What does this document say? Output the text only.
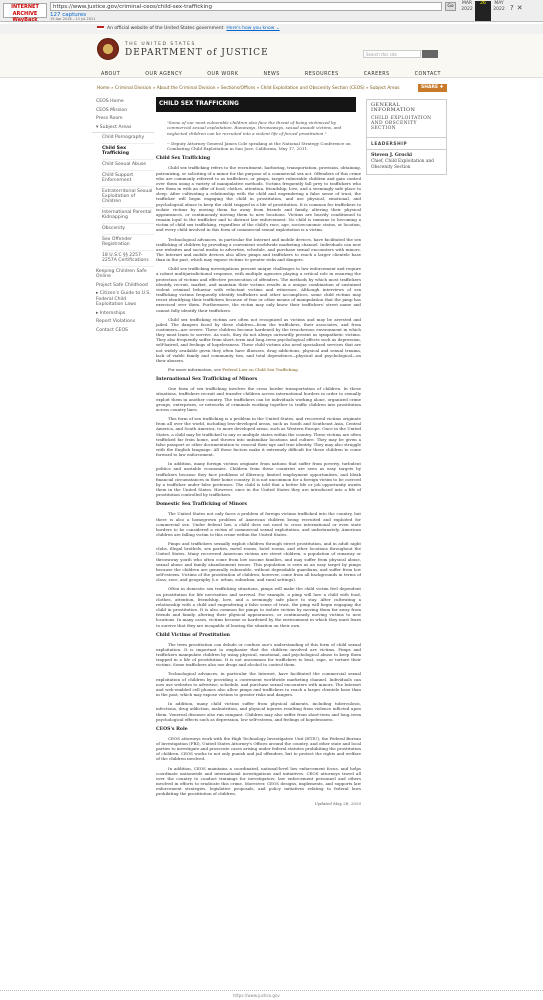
INTERNET ARCHIVE WayBack
https://www.justice.gov/criminal-ceos/child-sex-trafficking
127 captures
19 Apr 2018 – 11 Jul 2021
Go
MAR 2022
26	MAY 2022 ?✕
An official website of the United States government Here's how you know ⌄
THE UNITED STATES
DEPARTMENT of JUSTICE	Search this site
ABOUT	OUR AGENCY	OUR WORK	NEWS	RESOURCES	CAREERS	CONTACT
Home » Criminal Division » About the Criminal Division » Sections/Offices » Child Exploitation and Obscenity Section (CEOS) » Subject Areas	SHARE ✚
CEOS Home
CEOS Mission
Press Room
▾ Subject Areas
Child Pornography
Child Sex Trafficking
Child Sexual Abuse
Child Support Enforcement
Extraterritorial Sexual Exploitation of Children
International Parental Kidnapping
Obscenity
Sex Offender Registration
18 U.S.C §§ 2257-2257A Certifications
Keeping Children Safe Online
Project Safe Childhood
▸ Citizen's Guide to U.S. Federal Child Exploitation Laws
▸ Internships
Report Violations
Contact CEOS
CHILD SEX TRAFFICKING
"Some of our most vulnerable children also face the threat of being victimized by commercial sexual exploitation. Runaways, throwaways, sexual assault victims, and neglected children can be recruited into a violent life of forced prostitution."
-- Deputy Attorney General James Cole speaking at the National Strategy Conference on Combating Child Exploitation in San Jose, California, May 17, 2011.
Child Sex Trafficking

Child sex trafficking refers to the recruitment, harboring, transportation, provision, obtaining, patronizing, or soliciting of a minor for the purpose of a commercial sex act. Offenders of this crime who are commonly referred to as traffickers, or pimps, target vulnerable children and gain control over them using a variety of manipulative methods. Victims frequently fall prey to traffickers who lure them in with an offer of food, clothes, attention, friendship, love, and a seemingly safe place to sleep. After cultivating a relationship with the child and engendering a false sense of trust, the trafficker will begin engaging the child in prostitution, and use physical, emotional, and psychological abuse to keep the child trapped in a life of prostitution. It is common for traffickers to isolate victims by moving them far away from friends and family, altering their physical appearances, or continuously moving them to new locations. Victims are heavily conditioned to remain loyal to the trafficker and to distrust law enforcement. No child is immune to becoming a victim of child sex trafficking, regardless of the child's race, age, socioeconomic status, or location, and every child involved in this form of commercial sexual exploitation is a victim.

Technological advances, in particular the Internet and mobile devices, have facilitated the sex trafficking of children by providing a convenient worldwide marketing channel. Individuals can now use websites and social media to advertise, schedule, and purchase sexual encounters with minors. The Internet and mobile devices also allow pimps and traffickers to reach a larger clientele base than in the past, which may expose victims to greater risks and dangers.

Child sex trafficking investigations present unique challenges to law enforcement and require a robust multijurisdictional response, with multiple agencies playing a critical role in ensuring the protection of victims and effective prosecution of offenders. The methods by which most traffickers identify, recruit, market, and maintain their victims results in a unique combination of sustained violent criminal behavior with reluctant victims and witnesses. Although interviews of sex trafficking victims frequently identify traffickers and other accomplices, some child victims may resist identifying their traffickers because of fear or other means of manipulation that the pimp has exercised over them. Furthermore, the victim may only know their traffickers' street name and cannot fully identify their traffickers.

Child sex trafficking victims are often not recognized as victims and may be arrested and jailed. The dangers faced by these children—from the traffickers, their associates, and from customers—are severe. These children become hardened by the treacherous environment in which they must learn to survive. As such, they do not always outwardly present as sympathetic victims. They also frequently suffer from short–term and long–term psychological effects such as depression, self-hatred, and feelings of hopelessness. These child victims also need specialized services that are not widely available given they often have illnesses, drug addictions, physical and sexual trauma, lack of viable family and community ties, and total dependence—physical and psychological—on their abusers.

For more information, see Federal Law on Child Sex Trafficking.

International Sex Trafficking of Minors

One form of sex trafficking involves the cross border transportation of children. In these situations, traffickers recruit and transfer children across international borders in order to sexually exploit them in another country. The traffickers can be individuals working alone, organized crime groups, enterprises, or networks of criminals working together to traffic children into prostitution across country lines.

This form of sex trafficking is a problem in the United States, and recovered victims originate from all over the world, including less-developed areas, such as South and Southeast Asia, Central America, and South America, to more developed areas, such as Western Europe. Once in the United States, a child may be trafficked to any or multiple states within the country. These victims are often trafficked far from home, and thrown into unfamiliar locations and culture. They may be given a false passport or other documentation to conceal their age and true identity. They may also struggle with the English language. All these factors make it extremely difficult for these children to come forward to law enforcement.

In addition, many foreign victims originate from nations that suffer from poverty, turbulent politics and unstable economies. Children from these countries are seen as easy targets by traffickers because they face problems of illiteracy, limited employment opportunities, and bleak financial circumstances in their home country. It is not uncommon for a foreign victim to be coerced by a trafficker under false pretenses. The child is told that a better life or job opportunity awaits them in the United States. However, once in the United States they are introduced into a life of prostitution controlled by traffickers.

Domestic Sex Trafficking of Minors

The United States not only faces a problem of foreign victims trafficked into the country, but there is also a homegrown problem of American children being recruited and exploited for commercial sex. Under federal law, a child does not need to cross international or even state borders to be considered a victim of commercial sexual exploitation, and unfortunately, American children are falling victim to this crime within the United States.

Pimps and traffickers sexually exploit children through street prostitution, and in adult night clubs, illegal brothels, sex parties, motel rooms, hotel rooms, and other locations throughout the United States. Many recovered American victims are street children, a population of runaway or throwaway youth who often come from low income families, and may suffer from physical abuse, sexual abuse and family abandonment issues. This population is seen as an easy target by pimps because the children are generally vulnerable, without dependable guardians, and suffer from low self-esteem. Victims of the prostitution of children, however, come from all backgrounds in terms of class, race, and geography (i.e. urban, suburban, and rural settings).

Often in domestic sex trafficking situations, pimps will make the child victim feel dependent on prostitution for life necessities and survival. For example, a pimp will lure a child with food, clothes, attention, friendship, love, and a seemingly safe place to stay. After cultivating a relationship with a child and engendering a false sense of trust, the pimp will begin engaging the child in prostitution. It is also common for pimps to isolate victims by moving them far away from friends and family, altering their physical appearances, or continuously moving victims to new locations. In many cases, victims become so hardened by the environment in which they must learn to survive that they are incapable of leaving the situation on their own.

Child Victims of Prostitution

The term prostitution can delude or confuse one's understanding of this form of child sexual exploitation. It is important to emphasize that the children involved are victims. Pimps and traffickers manipulate children by using physical, emotional, and psychological abuse to keep them trapped in a life of prostitution. It is not uncommon for traffickers to beat, rape, or torture their victims. Some traffickers also use drugs and alcohol to control them.

Technological advances, in particular the Internet, have facilitated the commercial sexual exploitation of children by providing a convenient worldwide marketing channel. Individuals can now use websites to advertise, schedule, and purchase sexual encounters with minors. The Internet and web-enabled cell phones also allow pimps and traffickers to reach a larger clientele base than in the past, which may expose victims to greater risks and dangers.

In addition, many child victims suffer from physical ailments, including tuberculosis, infections, drug addiction, malnutrition, and physical injuries resulting from violence inflicted upon them. Venereal diseases also run rampant. Children may also suffer from short-term and long–term psychological effects such as depression, low self-esteem, and feelings of hopelessness.

CEOS's Role

CEOS attorneys work with the High Technology Investigative Unit (HTIU), the Federal Bureau of Investigation (FBI), United States Attorney's Offices around the country, and other state and local parties to investigate and prosecute cases arising under federal statutes prohibiting the prostitution of children. CEOS works to not only punish and jail offenders, but to protect the rights and welfare of the children involved.

In addition, CEOS maintains a coordinated, national-level law enforcement focus, and helps coordinate nationwide and international investigations and initiatives. CEOS attorneys travel all over the country to conduct trainings for investigators, law enforcement personnel and others involved in efforts to eradicate this crime. Moreover, CEOS designs, implements, and supports law enforcement strategies, legislative proposals, and policy initiatives relating to federal laws prohibiting the prostitution of children.

Updated May 28, 2020
GENERAL INFORMATION
CHILD EXPLOITATION AND OBSCENITY SECTION
LEADERSHIP
Steven J. Grocki
Chief, Child Exploitation and Obscenity Section
https://www.justice.gov
